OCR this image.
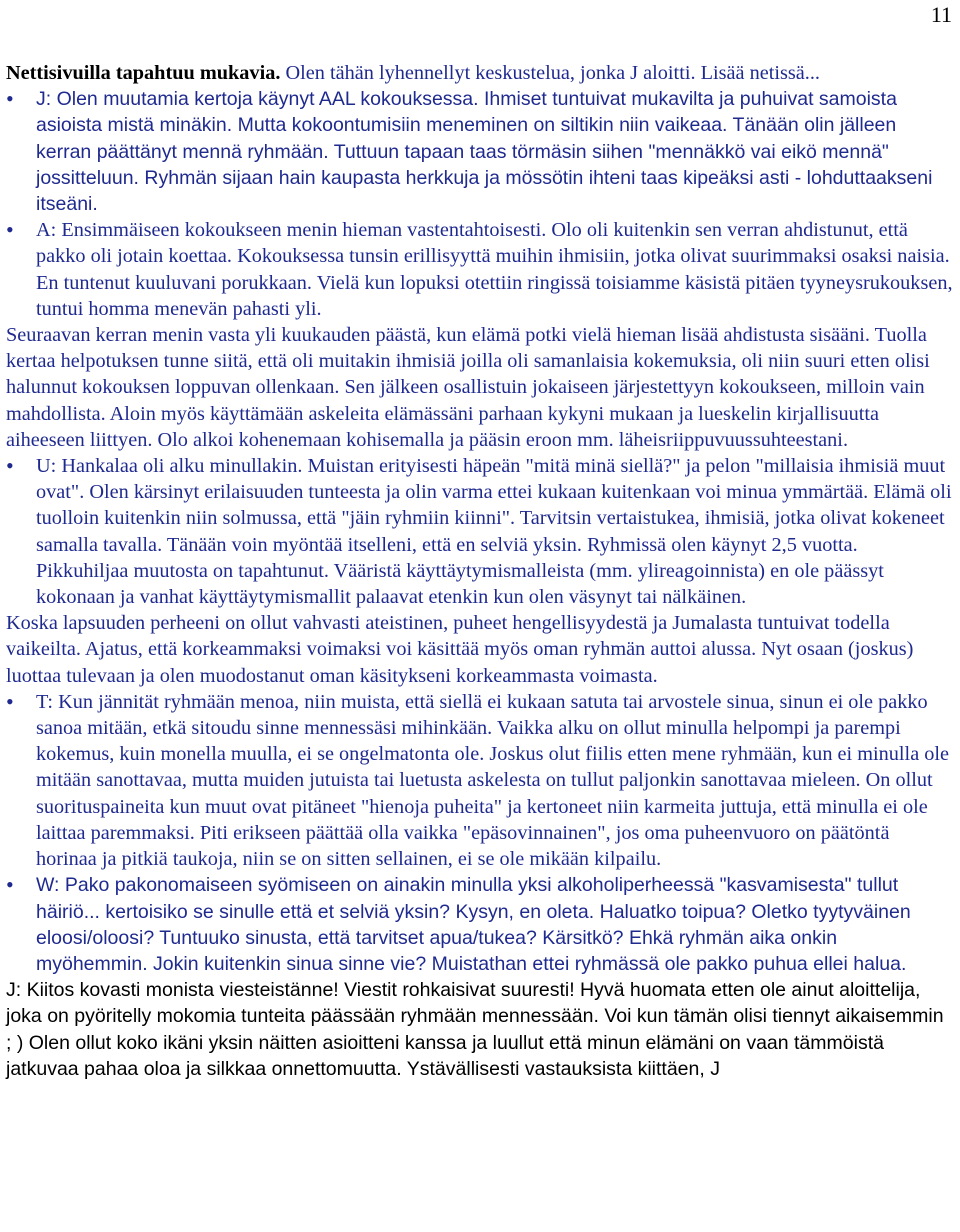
11

Nettisivuilla tapahtuu mukavia. Olen tähän lyhennellyt keskustelua, jonka J aloitti. Lisää netissä...

• J: Olen muutamia kertoja käynyt AAL kokouksessa. Ihmiset tuntuivat mukavilta ja puhuivat samoista asioista mistä minäkin. Mutta kokoontumisiin meneminen on siltikin niin vaikeaa. Tänään olin jälleen kerran päättänyt mennä ryhmään. Tuttuun tapaan taas törmäsin siihen "mennäkkö vai eikö mennä" jossitteluun. Ryhmän sijaan hain kaupasta herkkuja ja mössötin ihteni taas kipeäksi asti - lohduttaakseni itseäni.

• A: Ensimmäiseen kokoukseen menin hieman vastentahtoisesti. Olo oli kuitenkin sen verran ahdistunut, että pakko oli jotain koettaa. Kokouksessa tunsin erillisyyttä muihin ihmisiin, jotka olivat suurimmaksi osaksi naisia. En tuntenut kuuluvani porukkaan. Vielä kun lopuksi otettiin ringissä toisiamme käsistä pitäen tyyneysrukouksen, tuntui homma menevän pahasti yli.

Seuraavan kerran menin vasta yli kuukauden päästä, kun elämä potki vielä hieman lisää ahdistusta sisääni. Tuolla kertaa helpotuksen tunne siitä, että oli muitakin ihmisiä joilla oli samanlaisia kokemuksia, oli niin suuri etten olisi halunnut kokouksen loppuvan ollenkaan. Sen jälkeen osallistuin jokaiseen järjestettyyn kokoukseen, milloin vain mahdollista. Aloin myös käyttämään askeleita elämässäni parhaan kykyni mukaan ja lueskelin kirjallisuutta aiheeseen liittyen. Olo alkoi kohenemaan kohisemalla ja pääsin eroon mm. läheisriippuvuussuhteestani.

• U: Hankalaa oli alku minullakin. Muistan erityisesti häpeän "mitä minä siellä?" ja pelon "millaisia ihmisiä muut ovat". Olen kärsinyt erilaisuuden tunteesta ja olin varma ettei kukaan kuitenkaan voi minua ymmärtää. Elämä oli tuolloin kuitenkin niin solmussa, että "jäin ryhmiin kiinni". Tarvitsin vertaistukea, ihmisiä, jotka olivat kokeneet samalla tavalla. Tänään voin myöntää itselleni, että en selviä yksin. Ryhmissä olen käynyt 2,5 vuotta. Pikkuhiljaa muutosta on tapahtunut. Vääristä käyttäytymismalleista (mm. ylireagoinnista) en ole päässyt kokonaan ja vanhat käyttäytymismallit palaavat etenkin kun olen väsynyt tai nälkäinen.

Koska lapsuuden perheeni on ollut vahvasti ateistinen, puheet hengellisyydestä ja Jumalasta tuntuivat todella vaikeilta. Ajatus, että korkeammaksi voimaksi voi käsittää myös oman ryhmän auttoi alussa. Nyt osaan (joskus) luottaa tulevaan ja olen muodostanut oman käsitykseni korkeammasta voimasta.

• T: Kun jännität ryhmään menoa, niin muista, että siellä ei kukaan satuta tai arvostele sinua, sinun ei ole pakko sanoa mitään, etkä sitoudu sinne mennessäsi mihinkään. Vaikka alku on ollut minulla helpompi ja parempi kokemus, kuin monella muulla, ei se ongelmatonta ole. Joskus olut fiilis etten mene ryhmään, kun ei minulla ole mitään sanottavaa, mutta muiden jutuista tai luetusta askelesta on tullut paljonkin sanottavaa mieleen. On ollut suorituspaineita kun muut ovat pitäneet "hienoja puheita" ja kertoneet niin karmeita juttuja, että minulla ei ole laittaa paremmaksi. Piti erikseen päättää olla vaikka "epäsovinnainen", jos oma puheenvuoro on päätöntä horinaa ja pitkiä taukoja, niin se on sitten sellainen, ei se ole mikään kilpailu.

• W: Pako pakonomaiseen syömiseen on ainakin minulla yksi alkoholiperheessä "kasvamisesta" tullut häiriö... kertoisiko se sinulle että et selviä yksin? Kysyn, en oleta. Haluatko toipua? Oletko tyytyväinen eloosi/oloosi? Tuntuuko sinusta, että tarvitset apua/tukea? Kärsitkö? Ehkä ryhmän aika onkin myöhemmin. Jokin kuitenkin sinua sinne vie? Muistathan ettei ryhmässä ole pakko puhua ellei halua.

J: Kiitos kovasti monista viesteistänne! Viestit rohkaisivat suuresti! Hyvä huomata etten ole ainut aloittelija, joka on pyöritelly mokomia tunteita päässään ryhmään mennessään. Voi kun tämän olisi tiennyt aikaisemmin ; ) Olen ollut koko ikäni yksin näitten asioitteni kanssa ja luullut että minun elämäni on vaan tämmöistä jatkuvaa pahaa oloa ja silkkaa onnettomuutta. Ystävällisesti vastauksista kiittäen, J
